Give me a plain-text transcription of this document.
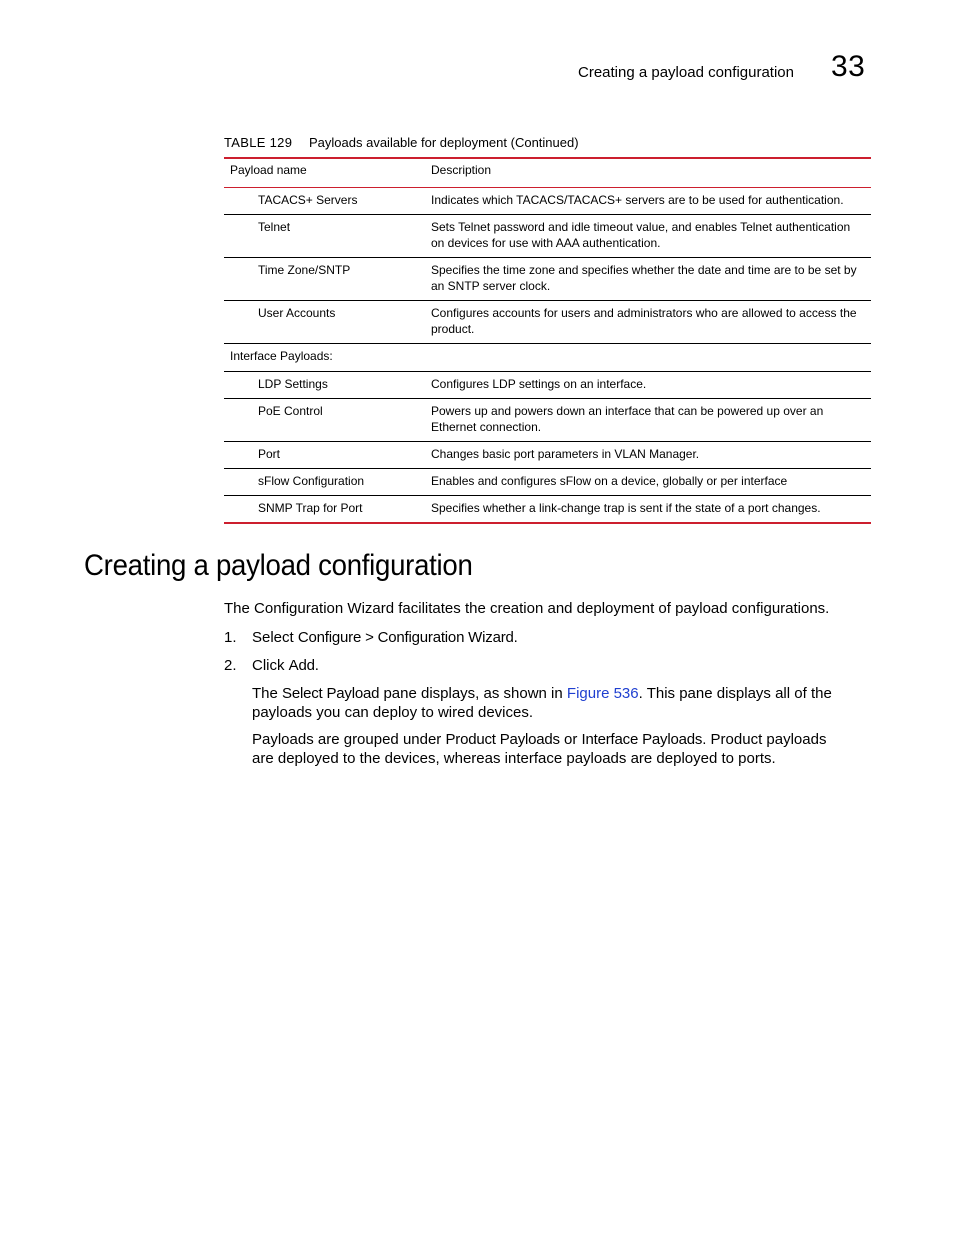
Creating a payload configuration 33
TABLE 129 Payloads available for deployment (Continued)
Payload name	Description
TACACS+ Servers	Indicates which TACACS/TACACS+ servers are to be used for authentication.
Telnet	Sets Telnet password and idle timeout value, and enables Telnet authentication on devices for use with AAA authentication.
Time Zone/SNTP	Specifies the time zone and specifies whether the date and time are to be set by an SNTP server clock.
User Accounts	Configures accounts for users and administrators who are allowed to access the product.
Interface Payloads:	
LDP Settings	Configures LDP settings on an interface.
PoE Control	Powers up and powers down an interface that can be powered up over an Ethernet connection.
Port	Changes basic port parameters in VLAN Manager.
sFlow Configuration	Enables and configures sFlow on a device, globally or per interface
SNMP Trap for Port	Specifies whether a link-change trap is sent if the state of a port changes.
Creating a payload configuration
The Configuration Wizard facilitates the creation and deployment of payload configurations.
1. Select Configure > Configuration Wizard.
2. Click Add.
The Select Payload pane displays, as shown in Figure 536. This pane displays all of the payloads you can deploy to wired devices.
Payloads are grouped under Product Payloads or Interface Payloads. Product payloads are deployed to the devices, whereas interface payloads are deployed to ports.
